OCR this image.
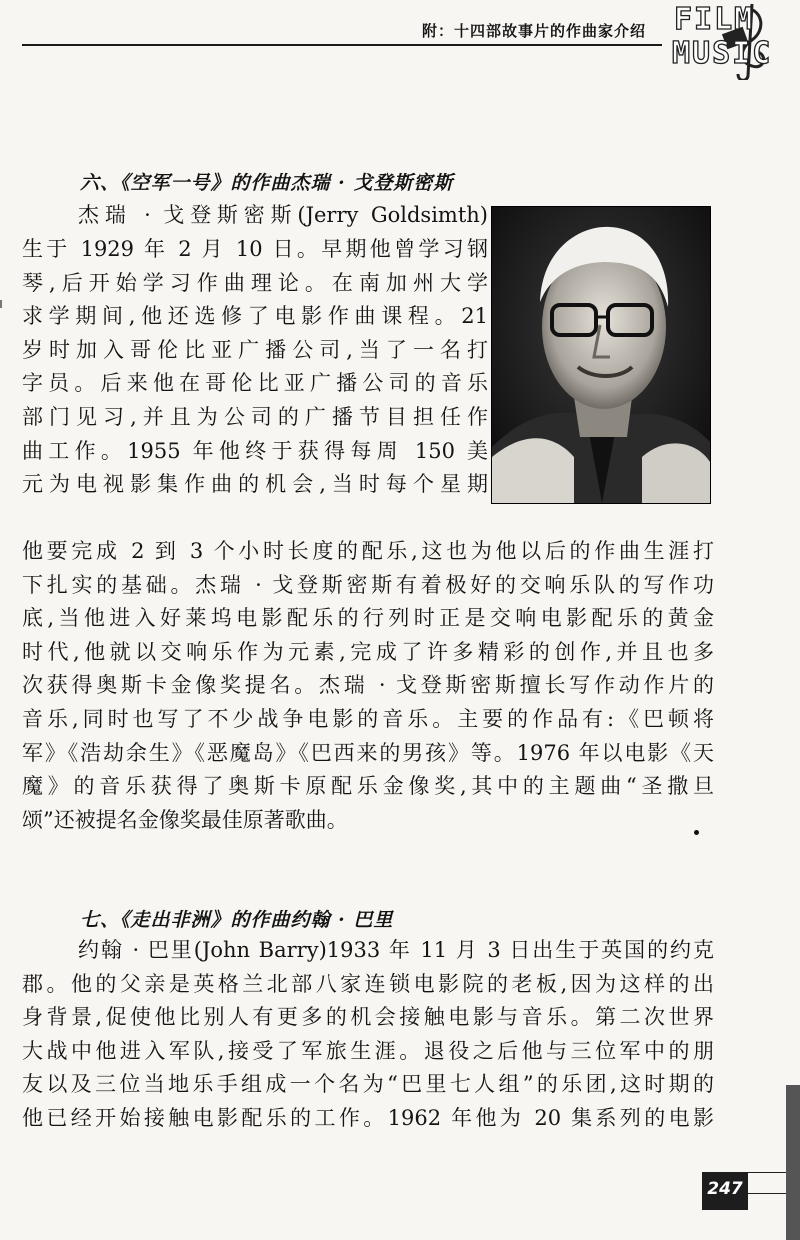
附：十四部故事片的作曲家介绍 FILM
MUSIC
六、《空军一号》的作曲杰瑞 · 戈登斯密斯
杰瑞 · 戈登斯密斯(Jerry Goldsimth)
生于 1929 年 2 月 10 日。早期他曾学习钢
琴,后开始学习作曲理论。在南加州大学
求学期间,他还选修了电影作曲课程。21
岁时加入哥伦比亚广播公司,当了一名打
字员。后来他在哥伦比亚广播公司的音乐
部门见习,并且为公司的广播节目担任作
曲工作。1955 年他终于获得每周 150 美
元为电视影集作曲的机会,当时每个星期
他要完成 2 到 3 个小时长度的配乐,这也为他以后的作曲生涯打
下扎实的基础。杰瑞 · 戈登斯密斯有着极好的交响乐队的写作功
底,当他进入好莱坞电影配乐的行列时正是交响电影配乐的黄金
时代,他就以交响乐作为元素,完成了许多精彩的创作,并且也多
次获得奥斯卡金像奖提名。杰瑞 · 戈登斯密斯擅长写作动作片的
音乐,同时也写了不少战争电影的音乐。主要的作品有:《巴顿将
军》《浩劫余生》《恶魔岛》《巴西来的男孩》等。1976 年以电影《天
魔》的音乐获得了奥斯卡原配乐金像奖,其中的主题曲“圣撒旦
颂”还被提名金像奖最佳原著歌曲。
七、《走出非洲》的作曲约翰 · 巴里
约翰 · 巴里(John Barry)1933 年 11 月 3 日出生于英国的约克
郡。他的父亲是英格兰北部八家连锁电影院的老板,因为这样的出
身背景,促使他比别人有更多的机会接触电影与音乐。第二次世界
大战中他进入军队,接受了军旅生涯。退役之后他与三位军中的朋
友以及三位当地乐手组成一个名为“巴里七人组”的乐团,这时期的
他已经开始接触电影配乐的工作。1962 年他为 20 集系列的电影
247
